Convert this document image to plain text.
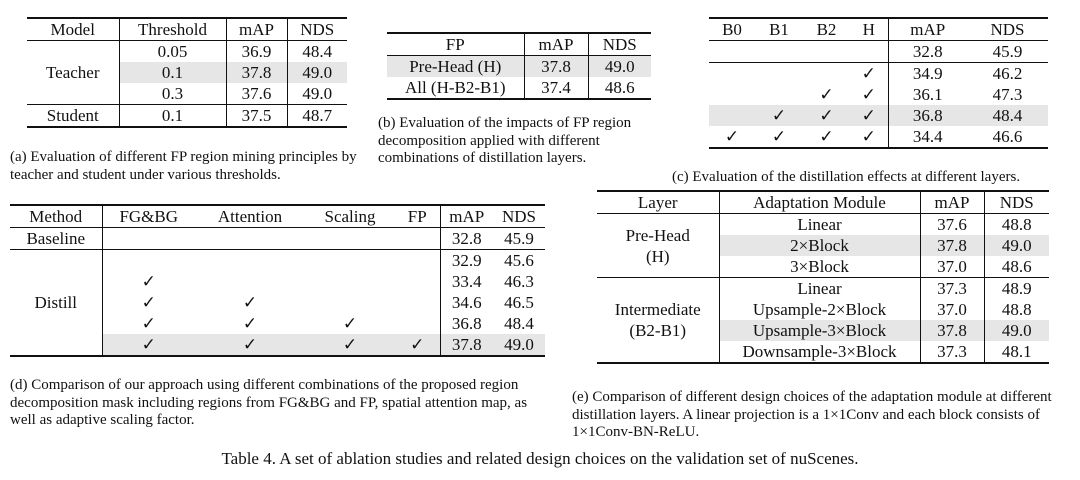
Model	Threshold	mAP	NDS
Teacher	0.05	36.9	48.4
	0.1	37.8	49.0
	0.3	37.6	49.0
Student	0.1	37.5	48.7
(a) Evaluation of different FP region mining principles by teacher and student under various thresholds.
FP	mAP	NDS
Pre-Head (H)	37.8	49.0
All (H-B2-B1)	37.4	48.6
(b) Evaluation of the impacts of FP region decomposition applied with different combinations of distillation layers.
B0	B1	B2	H	mAP	NDS
				32.8	45.9
			✓	34.9	46.2
		✓	✓	36.1	47.3
	✓	✓	✓	36.8	48.4
✓	✓	✓	✓	34.4	46.6
(c) Evaluation of the distillation effects at different layers.
Method	FG&BG	Attention	Scaling	FP	mAP	NDS
Baseline					32.8	45.9
Distill					32.9	45.6
	✓				33.4	46.3
	✓	✓			34.6	46.5
	✓	✓	✓		36.8	48.4
	✓	✓	✓	✓	37.8	49.0
(d) Comparison of our approach using different combinations of the proposed region decomposition mask including regions from FG&BG and FP, spatial attention map, as well as adaptive scaling factor.
Layer	Adaptation Module	mAP	NDS

Pre-Head
(H)	Linear	37.6	48.8
	2×Block	37.8	49.0
	3×Block	37.0	48.6

Intermediate
(B2-B1)	Linear	37.3	48.9
	Upsample-2×Block	37.0	48.8
	Upsample-3×Block	37.8	49.0
	Downsample-3×Block	37.3	48.1
(e) Comparison of different design choices of the adaptation module at different distillation layers. A linear projection is a 1×1Conv and each block consists of 1×1Conv-BN-ReLU.
Table 4. A set of ablation studies and related design choices on the validation set of nuScenes.
